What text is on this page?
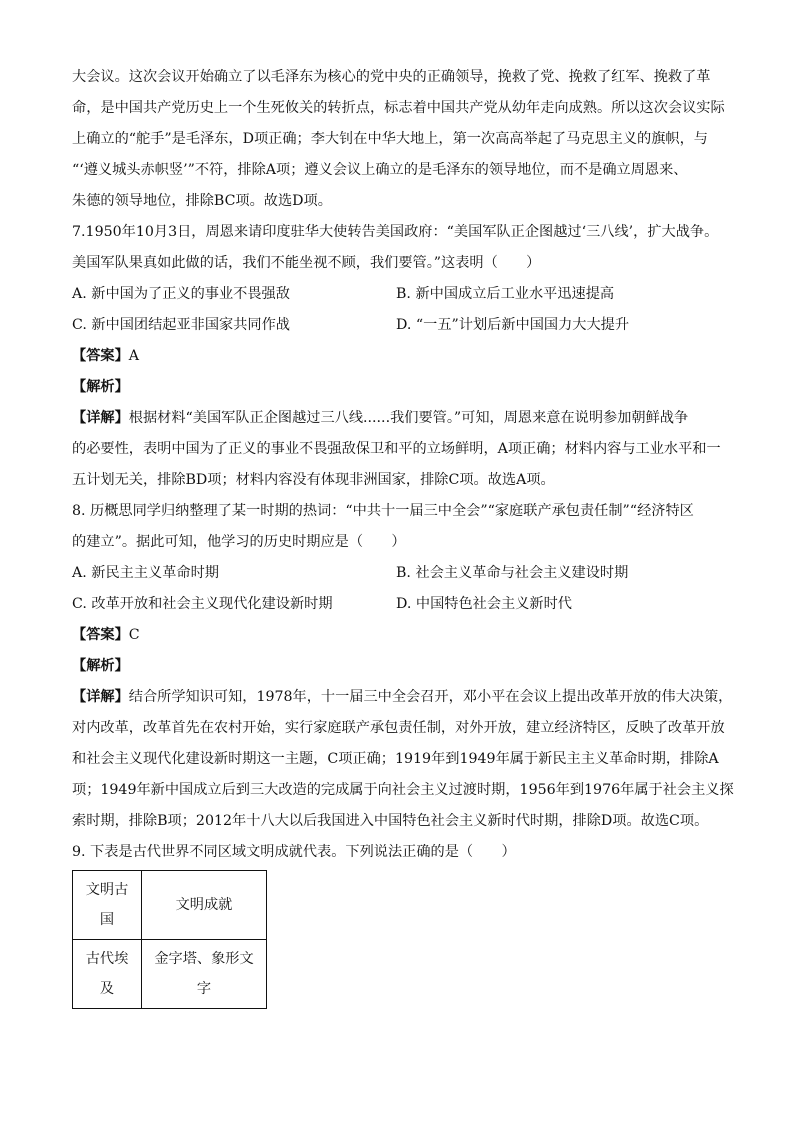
大会议。这次会议开始确立了以毛泽东为核心的党中央的正确领导，挽救了党、挽救了红军、挽救了革
命，是中国共产党历史上一个生死攸关的转折点，标志着中国共产党从幼年走向成熟。所以这次会议实际
上确立的“舵手”是毛泽东，D项正确；李大钊在中华大地上，第一次高高举起了马克思主义的旗帜，与
“‘遵义城头赤帜竖’”不符，排除A项；遵义会议上确立的是毛泽东的领导地位，而不是确立周恩来、
朱德的领导地位，排除BC项。故选D项。
7.1950年10月3日，周恩来请印度驻华大使转告美国政府：“美国军队正企图越过‘三八线’，扩大战争。
美国军队果真如此做的话，我们不能坐视不顾，我们要管。”这表明（　　）
A. 新中国为了正义的事业不畏强敌	B. 新中国成立后工业水平迅速提高
C. 新中国团结起亚非国家共同作战	D. “一五”计划后新中国国力大大提升
【答案】A
【解析】
【详解】根据材料“美国军队正企图越过三八线......我们要管。”可知，周恩来意在说明参加朝鲜战争
的必要性，表明中国为了正义的事业不畏强敌保卫和平的立场鲜明，A项正确；材料内容与工业水平和一
五计划无关，排除BD项；材料内容没有体现非洲国家，排除C项。故选A项。
8. 历概思同学归纳整理了某一时期的热词：“中共十一届三中全会”“家庭联产承包责任制”“经济特区
的建立”。据此可知，他学习的历史时期应是（　　）
A. 新民主主义革命时期	B. 社会主义革命与社会主义建设时期
C. 改革开放和社会主义现代化建设新时期	D. 中国特色社会主义新时代
【答案】C
【解析】
【详解】结合所学知识可知，1978年，十一届三中全会召开，邓小平在会议上提出改革开放的伟大决策，
对内改革，改革首先在农村开始，实行家庭联产承包责任制，对外开放，建立经济特区，反映了改革开放
和社会主义现代化建设新时期这一主题，C项正确；1919年到1949年属于新民主主义革命时期，排除A
项；1949年新中国成立后到三大改造的完成属于向社会主义过渡时期，1956年到1976年属于社会主义探
索时期，排除B项；2012年十八大以后我国进入中国特色社会主义新时代时期，排除D项。故选C项。
9. 下表是古代世界不同区域文明成就代表。下列说法正确的是（　　）
文明古国	文明成就
古代埃及	金字塔、象形文字
